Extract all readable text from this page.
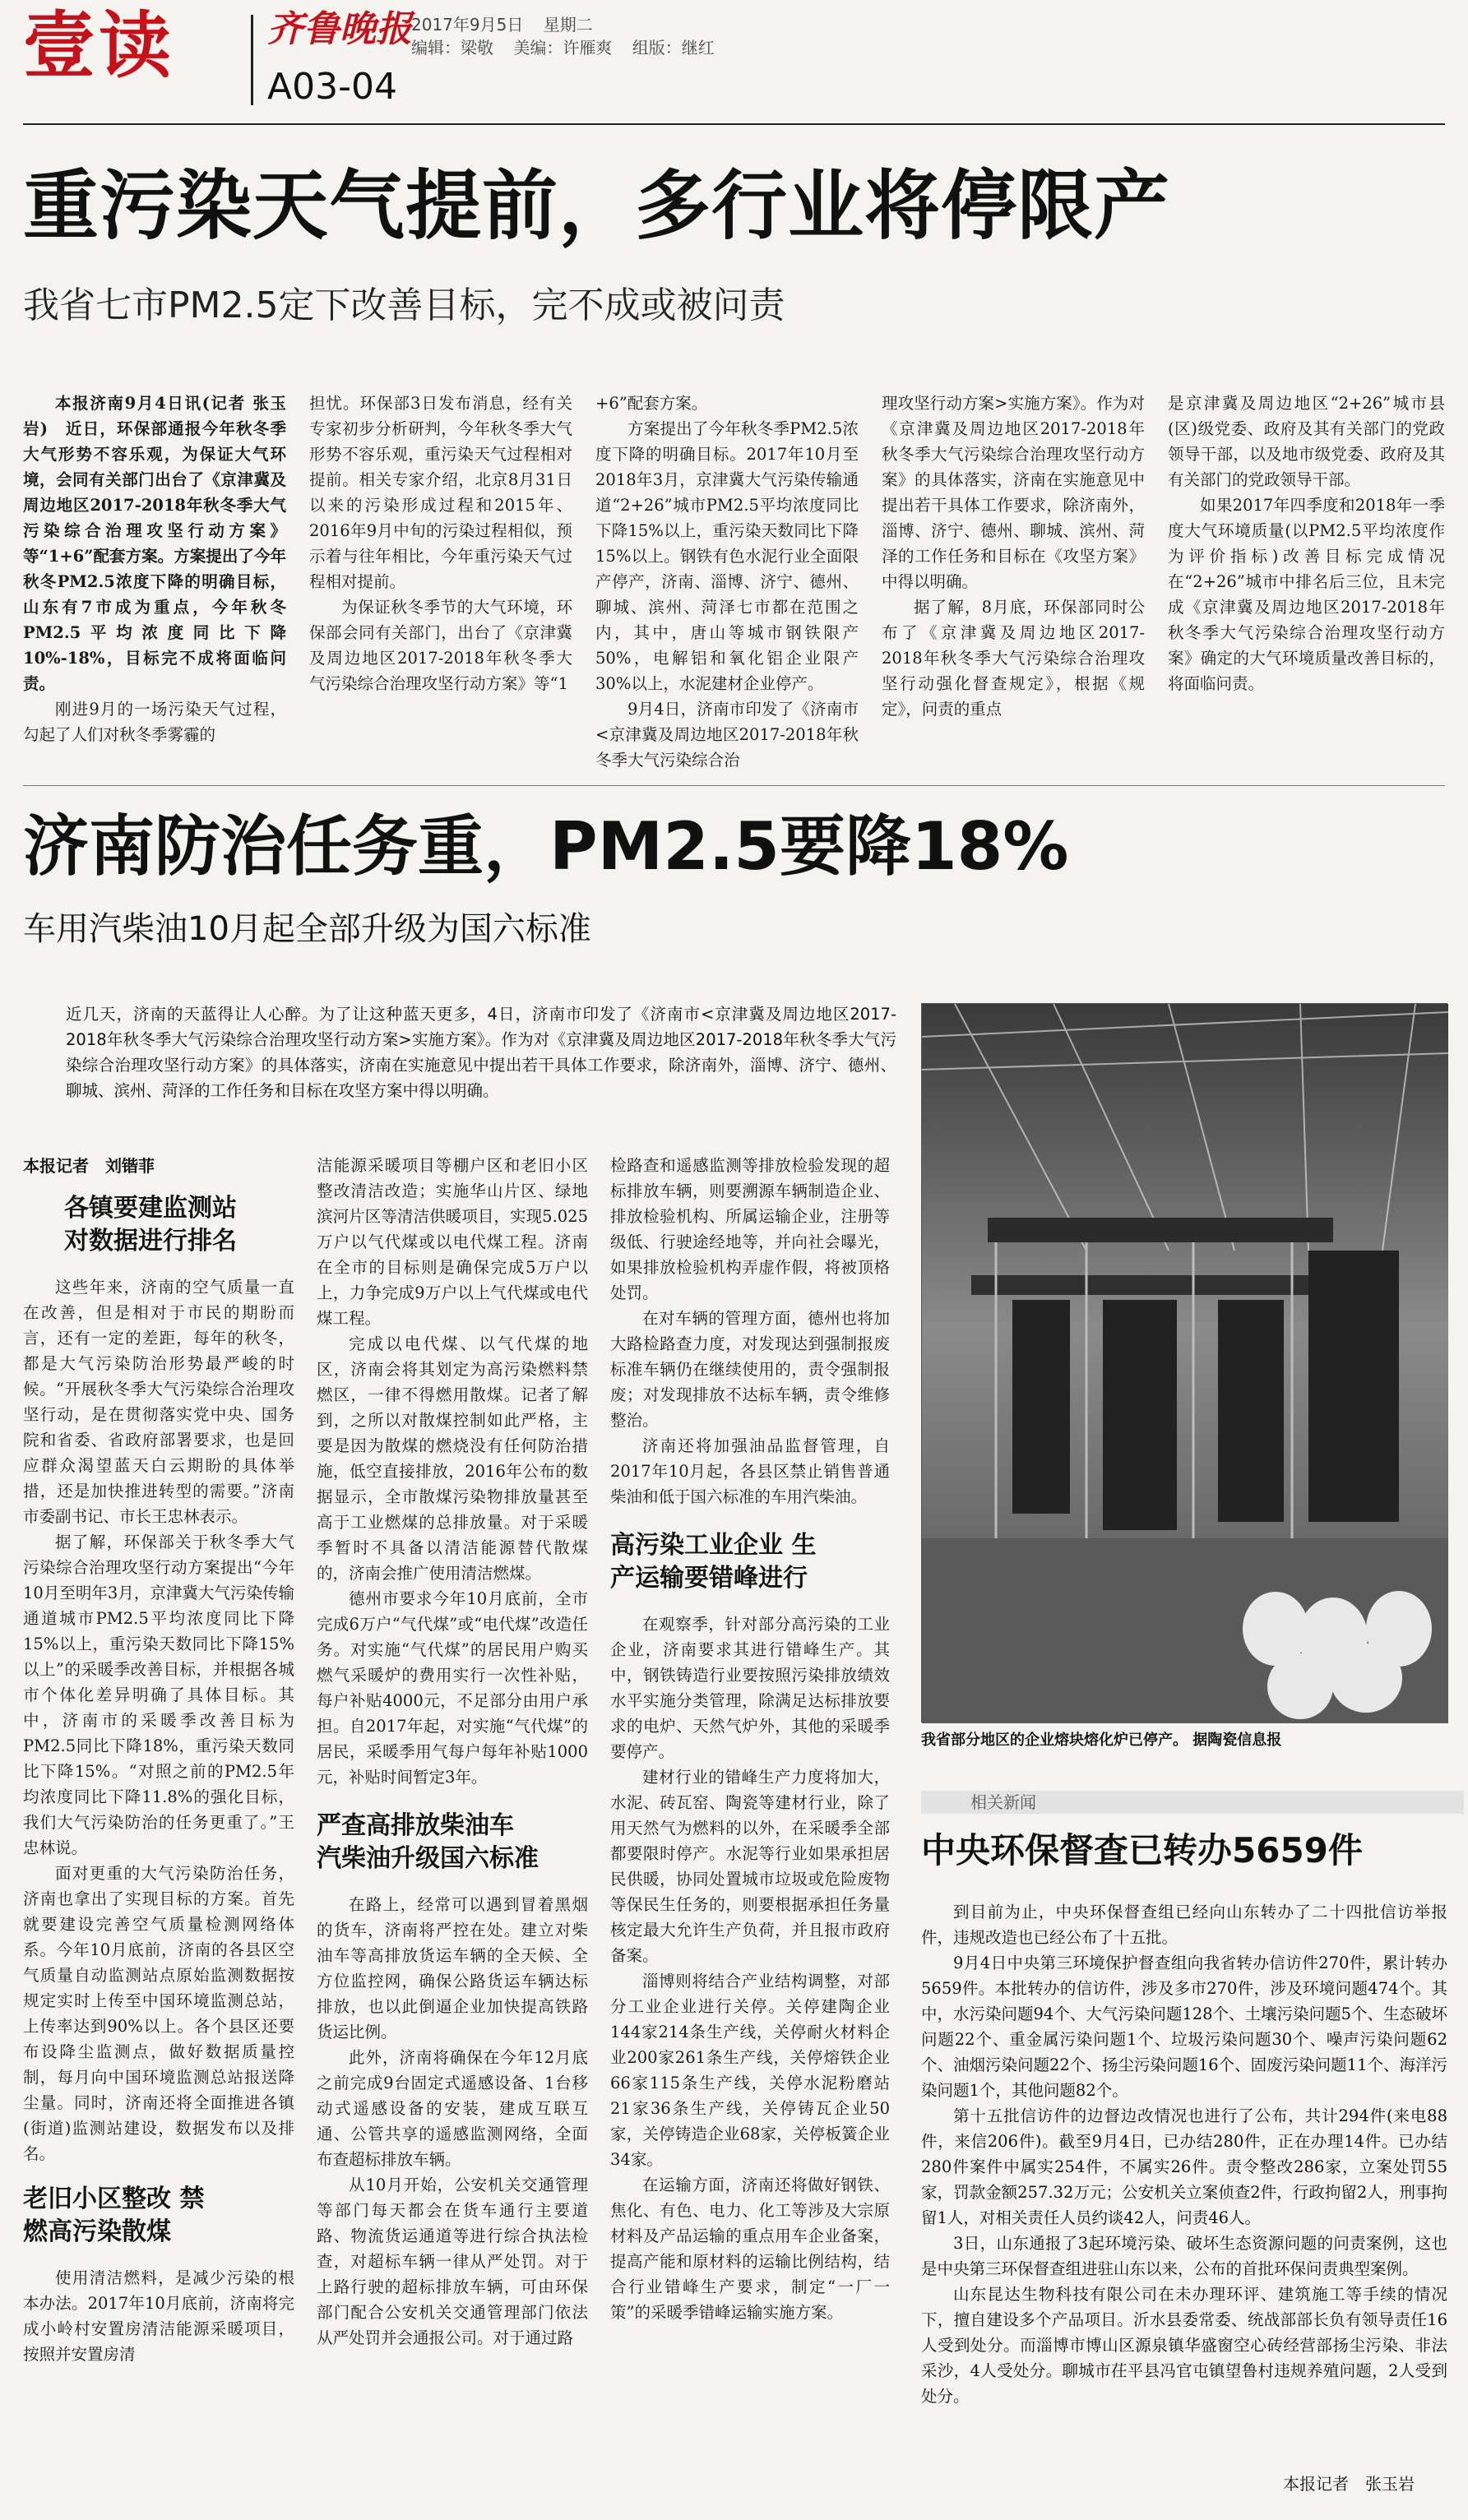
壹读	齐鲁晚报
A03-04
2017年9月5日 星期二
编辑：梁敬 美编：许雁爽 组版：继红
重污染天气提前，多行业将停限产
我省七市PM2.5定下改善目标，完不成或被问责

本报济南9月4日讯(记者 张玉岩)　近日，环保部通报今年秋冬季大气形势不容乐观，为保证大气环境，会同有关部门出台了《京津冀及周边地区2017-2018年秋冬季大气污染综合治理攻坚行动方案》等“1+6”配套方案。方案提出了今年秋冬PM2.5浓度下降的明确目标，山东有7市成为重点，今年秋冬PM2.5平均浓度同比下降10%-18%，目标完不成将面临问责。

刚进9月的一场污染天气过程，勾起了人们对秋冬季雾霾的

担忧。环保部3日发布消息，经有关专家初步分析研判，今年秋冬季大气形势不容乐观，重污染天气过程相对提前。相关专家介绍，北京8月31日以来的污染形成过程和2015年、2016年9月中旬的污染过程相似，预示着与往年相比，今年重污染天气过程相对提前。

为保证秋冬季节的大气环境，环保部会同有关部门，出台了《京津冀及周边地区2017-2018年秋冬季大气污染综合治理攻坚行动方案》等“1

+6”配套方案。

方案提出了今年秋冬季PM2.5浓度下降的明确目标。2017年10月至2018年3月，京津冀大气污染传输通道“2+26”城市PM2.5平均浓度同比下降15%以上，重污染天数同比下降15%以上。钢铁有色水泥行业全面限产停产，济南、淄博、济宁、德州、聊城、滨州、菏泽七市都在范围之内，其中，唐山等城市钢铁限产50%，电解铝和氧化铝企业限产30%以上，水泥建材企业停产。

9月4日，济南市印发了《济南市<京津冀及周边地区2017-2018年秋冬季大气污染综合治

理攻坚行动方案>实施方案》。作为对《京津冀及周边地区2017-2018年秋冬季大气污染综合治理攻坚行动方案》的具体落实，济南在实施意见中提出若干具体工作要求，除济南外，淄博、济宁、德州、聊城、滨州、菏泽的工作任务和目标在《攻坚方案》中得以明确。

据了解，8月底，环保部同时公布了《京津冀及周边地区2017-2018年秋冬季大气污染综合治理攻坚行动强化督查规定》，根据《规定》，问责的重点

是京津冀及周边地区“2+26”城市县(区)级党委、政府及其有关部门的党政领导干部，以及地市级党委、政府及其有关部门的党政领导干部。

如果2017年四季度和2018年一季度大气环境质量(以PM2.5平均浓度作为评价指标)改善目标完成情况在“2+26”城市中排名后三位，且未完成《京津冀及周边地区2017-2018年秋冬季大气污染综合治理攻坚行动方案》确定的大气环境质量改善目标的，将面临问责。

济南防治任务重，PM2.5要降18%
车用汽柴油10月起全部升级为国六标准
近几天，济南的天蓝得让人心醉。为了让这种蓝天更多，4日，济南市印发了《济南市<京津冀及周边地区2017-2018年秋冬季大气污染综合治理攻坚行动方案>实施方案》。作为对《京津冀及周边地区2017-2018年秋冬季大气污染综合治理攻坚行动方案》的具体落实，济南在实施意见中提出若干具体工作要求，除济南外，淄博、济宁、德州、聊城、滨州、菏泽的工作任务和目标在攻坚方案中得以明确。
本报记者　刘锴菲
各镇要建监测站 对数据进行排名

这些年来，济南的空气质量一直在改善，但是相对于市民的期盼而言，还有一定的差距，每年的秋冬，都是大气污染防治形势最严峻的时候。“开展秋冬季大气污染综合治理攻坚行动，是在贯彻落实党中央、国务院和省委、省政府部署要求，也是回应群众渴望蓝天白云期盼的具体举措，还是加快推进转型的需要。”济南市委副书记、市长王忠林表示。

据了解，环保部关于秋冬季大气污染综合治理攻坚行动方案提出“今年10月至明年3月，京津冀大气污染传输通道城市PM2.5平均浓度同比下降15%以上，重污染天数同比下降15%以上”的采暖季改善目标，并根据各城市个体化差异明确了具体目标。其中，济南市的采暖季改善目标为PM2.5同比下降18%，重污染天数同比下降15%。“对照之前的PM2.5年均浓度同比下降11.8%的强化目标，我们大气污染防治的任务更重了。”王忠林说。

面对更重的大气污染防治任务，济南也拿出了实现目标的方案。首先就要建设完善空气质量检测网络体系。今年10月底前，济南的各县区空气质量自动监测站点原始监测数据按规定实时上传至中国环境监测总站，上传率达到90%以上。各个县区还要布设降尘监测点，做好数据质量控制，每月向中国环境监测总站报送降尘量。同时，济南还将全面推进各镇(街道)监测站建设，数据发布以及排名。

老旧小区整改 禁燃高污染散煤

使用清洁燃料，是减少污染的根本办法。2017年10月底前，济南将完成小岭村安置房清洁能源采暖项目，按照并安置房清

洁能源采暖项目等棚户区和老旧小区整改清洁改造；实施华山片区、绿地滨河片区等清洁供暖项目，实现5.025万户以气代煤或以电代煤工程。济南在全市的目标则是确保完成5万户以上，力争完成9万户以上气代煤或电代煤工程。

完成以电代煤、以气代煤的地区，济南会将其划定为高污染燃料禁燃区，一律不得燃用散煤。记者了解到，之所以对散煤控制如此严格，主要是因为散煤的燃烧没有任何防治措施，低空直接排放，2016年公布的数据显示，全市散煤污染物排放量甚至高于工业燃煤的总排放量。对于采暖季暂时不具备以清洁能源替代散煤的，济南会推广使用清洁燃煤。

德州市要求今年10月底前，全市完成6万户“气代煤”或“电代煤”改造任务。对实施“气代煤”的居民用户购买燃气采暖炉的费用实行一次性补贴，每户补贴4000元，不足部分由用户承担。自2017年起，对实施“气代煤”的居民，采暖季用气每户每年补贴1000元，补贴时间暂定3年。

严查高排放柴油车 汽柴油升级国六标准

在路上，经常可以遇到冒着黑烟的货车，济南将严控在处。建立对柴油车等高排放货运车辆的全天候、全方位监控网，确保公路货运车辆达标排放，也以此倒逼企业加快提高铁路货运比例。

此外，济南将确保在今年12月底之前完成9台固定式遥感设备、1台移动式遥感设备的安装，建成互联互通、公管共享的遥感监测网络，全面布查超标排放车辆。

从10月开始，公安机关交通管理等部门每天都会在货车通行主要道路、物流货运通道等进行综合执法检查，对超标车辆一律从严处罚。对于上路行驶的超标排放车辆，可由环保部门配合公安机关交通管理部门依法从严处罚并会通报公司。对于通过路

检路查和遥感监测等排放检验发现的超标排放车辆，则要溯源车辆制造企业、排放检验机构、所属运输企业，注册等级低、行驶途经地等，并向社会曝光，如果排放检验机构弄虚作假，将被顶格处罚。

在对车辆的管理方面，德州也将加大路检路查力度，对发现达到强制报废标准车辆仍在继续使用的，责令强制报废；对发现排放不达标车辆，责令维修整治。

济南还将加强油品监督管理，自2017年10月起，各县区禁止销售普通柴油和低于国六标准的车用汽柴油。

高污染工业企业 生产运输要错峰进行

在观察季，针对部分高污染的工业企业，济南要求其进行错峰生产。其中，钢铁铸造行业要按照污染排放绩效水平实施分类管理，除满足达标排放要求的电炉、天然气炉外，其他的采暖季要停产。

建材行业的错峰生产力度将加大，水泥、砖瓦窑、陶瓷等建材行业，除了用天然气为燃料的以外，在采暖季全部都要限时停产。水泥等行业如果承担居民供暖，协同处置城市垃圾或危险废物等保民生任务的，则要根据承担任务量核定最大允许生产负荷，并且报市政府备案。

淄博则将结合产业结构调整，对部分工业企业进行关停。关停建陶企业144家214条生产线，关停耐火材料企业200家261条生产线，关停熔铁企业66家115条生产线，关停水泥粉磨站21家36条生产线，关停铸瓦企业50家，关停铸造企业68家，关停板簧企业34家。

在运输方面，济南还将做好钢铁、焦化、有色、电力、化工等涉及大宗原材料及产品运输的重点用车企业备案，提高产能和原材料的运输比例结构，结合行业错峰生产要求，制定“一厂一策”的采暖季错峰运输实施方案。

我省部分地区的企业熔块熔化炉已停产。 据陶瓷信息报
相关新闻
中央环保督查已转办5659件

到目前为止，中央环保督查组已经向山东转办了二十四批信访举报件，违规改造也已经公布了十五批。

9月4日中央第三环境保护督查组向我省转办信访件270件，累计转办5659件。本批转办的信访件，涉及多市270件，涉及环境问题474个。其中，水污染问题94个、大气污染问题128个、土壤污染问题5个、生态破坏问题22个、重金属污染问题1个、垃圾污染问题30个、噪声污染问题62个、油烟污染问题22个、扬尘污染问题16个、固废污染问题11个、海洋污染问题1个，其他问题82个。

第十五批信访件的边督边改情况也进行了公布，共计294件(来电88件，来信206件)。截至9月4日，已办结280件，正在办理14件。已办结280件案件中属实254件，不属实26件。责令整改286家，立案处罚55家，罚款金额257.32万元；公安机关立案侦查2件，行政拘留2人，刑事拘留1人，对相关责任人员约谈42人，问责46人。

3日，山东通报了3起环境污染、破坏生态资源问题的问责案例，这也是中央第三环保督查组进驻山东以来，公布的首批环保问责典型案例。

山东昆达生物科技有限公司在未办理环评、建筑施工等手续的情况下，擅自建设多个产品项目。沂水县委常委、统战部部长负有领导责任16人受到处分。而淄博市博山区源泉镇华盛窗空心砖经营部扬尘污染、非法采沙，4人受处分。聊城市茌平县冯官屯镇望鲁村违规养殖问题，2人受到处分。

本报记者　张玉岩
